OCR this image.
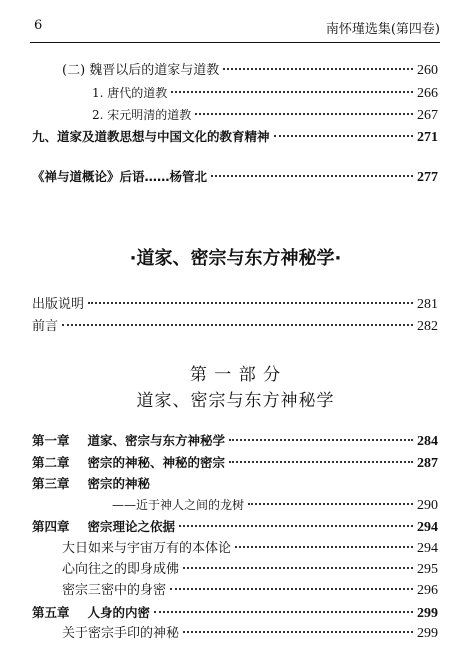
6	南怀瑾选集(第四卷)
(二) 魏晋以后的道家与道教	260
1. 唐代的道教	266
2. 宋元明清的道教	267
九、道家及道教思想与中国文化的教育精神	271
《禅与道概论》后语……杨管北	277
·道家、密宗与东方神秘学·
出版说明	281
前言	282
第 一 部 分
道家、密宗与东方神秘学
第一章 道家、密宗与东方神秘学	284
第二章 密宗的神秘、神秘的密宗	287
第三章 密宗的神秘
——近于神人之间的龙树	290
第四章 密宗理论之依据	294
大日如来与宇宙万有的本体论	294
心向往之的即身成佛	295
密宗三密中的身密	296
第五章 人身的内密	299
关于密宗手印的神秘	299
